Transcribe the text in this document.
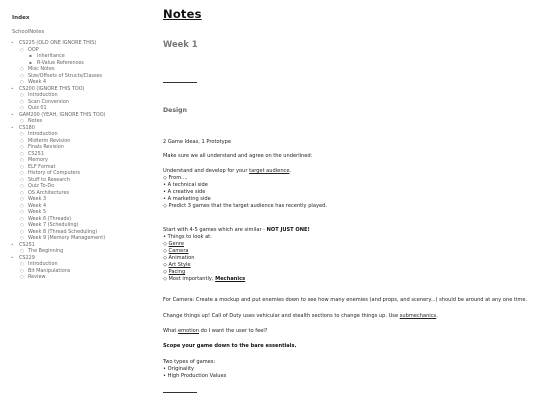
Index
SchoolNotes
• CS225 (OLD ONE IGNORE THIS)
○ OOP
▪ Inheritance
▪ R-Value References
○ Misc Notes
○ Size/Offsets of Structs/Classes
○ Week 4
• CS200 (IGNORE THIS TOO)
○ Introduction
○ Scan Conversion
○ Quiz 01
• GAM200 (YEAH, IGNORE THIS TOO)
○ Notes
• CS180
○ Introduction
○ Midterm Revision
○ Finals Revision
○ CS251
○ Memory
○ ELF Format
○ History of Computers
○ Stuff to Research
○ Quiz To-Do
○ OS Architectures
○ Week 3
○ Week 4
○ Week 5
○ Week 6 (Threads)
○ Week 7 (Scheduling)
○ Week 8 (Thread Scheduling)
○ Week 9 (Memory Management)
• CS251
○ The Beginning
• CS229
○ Introduction
○ Bit Manipulations
○ Review
Notes
Week 1
Design
2 Game Ideas, 1 Prototype
Make sure we all understand and agree on the underlined:
Understand and develop for your target audience.
◇ From....
• A technical side
• A creative side
• A marketing side
◇ Predict 3 games that the target audience has recently played.
Start with 4-5 games which are similar - NOT JUST ONE!
• Things to look at:
◇ Genre
◇ Camera
◇ Animation
◇ Art Style
◇ Pacing
◇ Most importantly, Mechanics
For Camera: Create a mockup and put enemies down to see how many enemies (and props, and scenery...) should be around at any one time.
Change things up! Call of Duty uses vehicular and stealth sections to change things up. Use submechanics.
What emotion do I want the user to feel?
Scope your game down to the bare essentials.
Two types of games:
• Originality
• High Production Values
